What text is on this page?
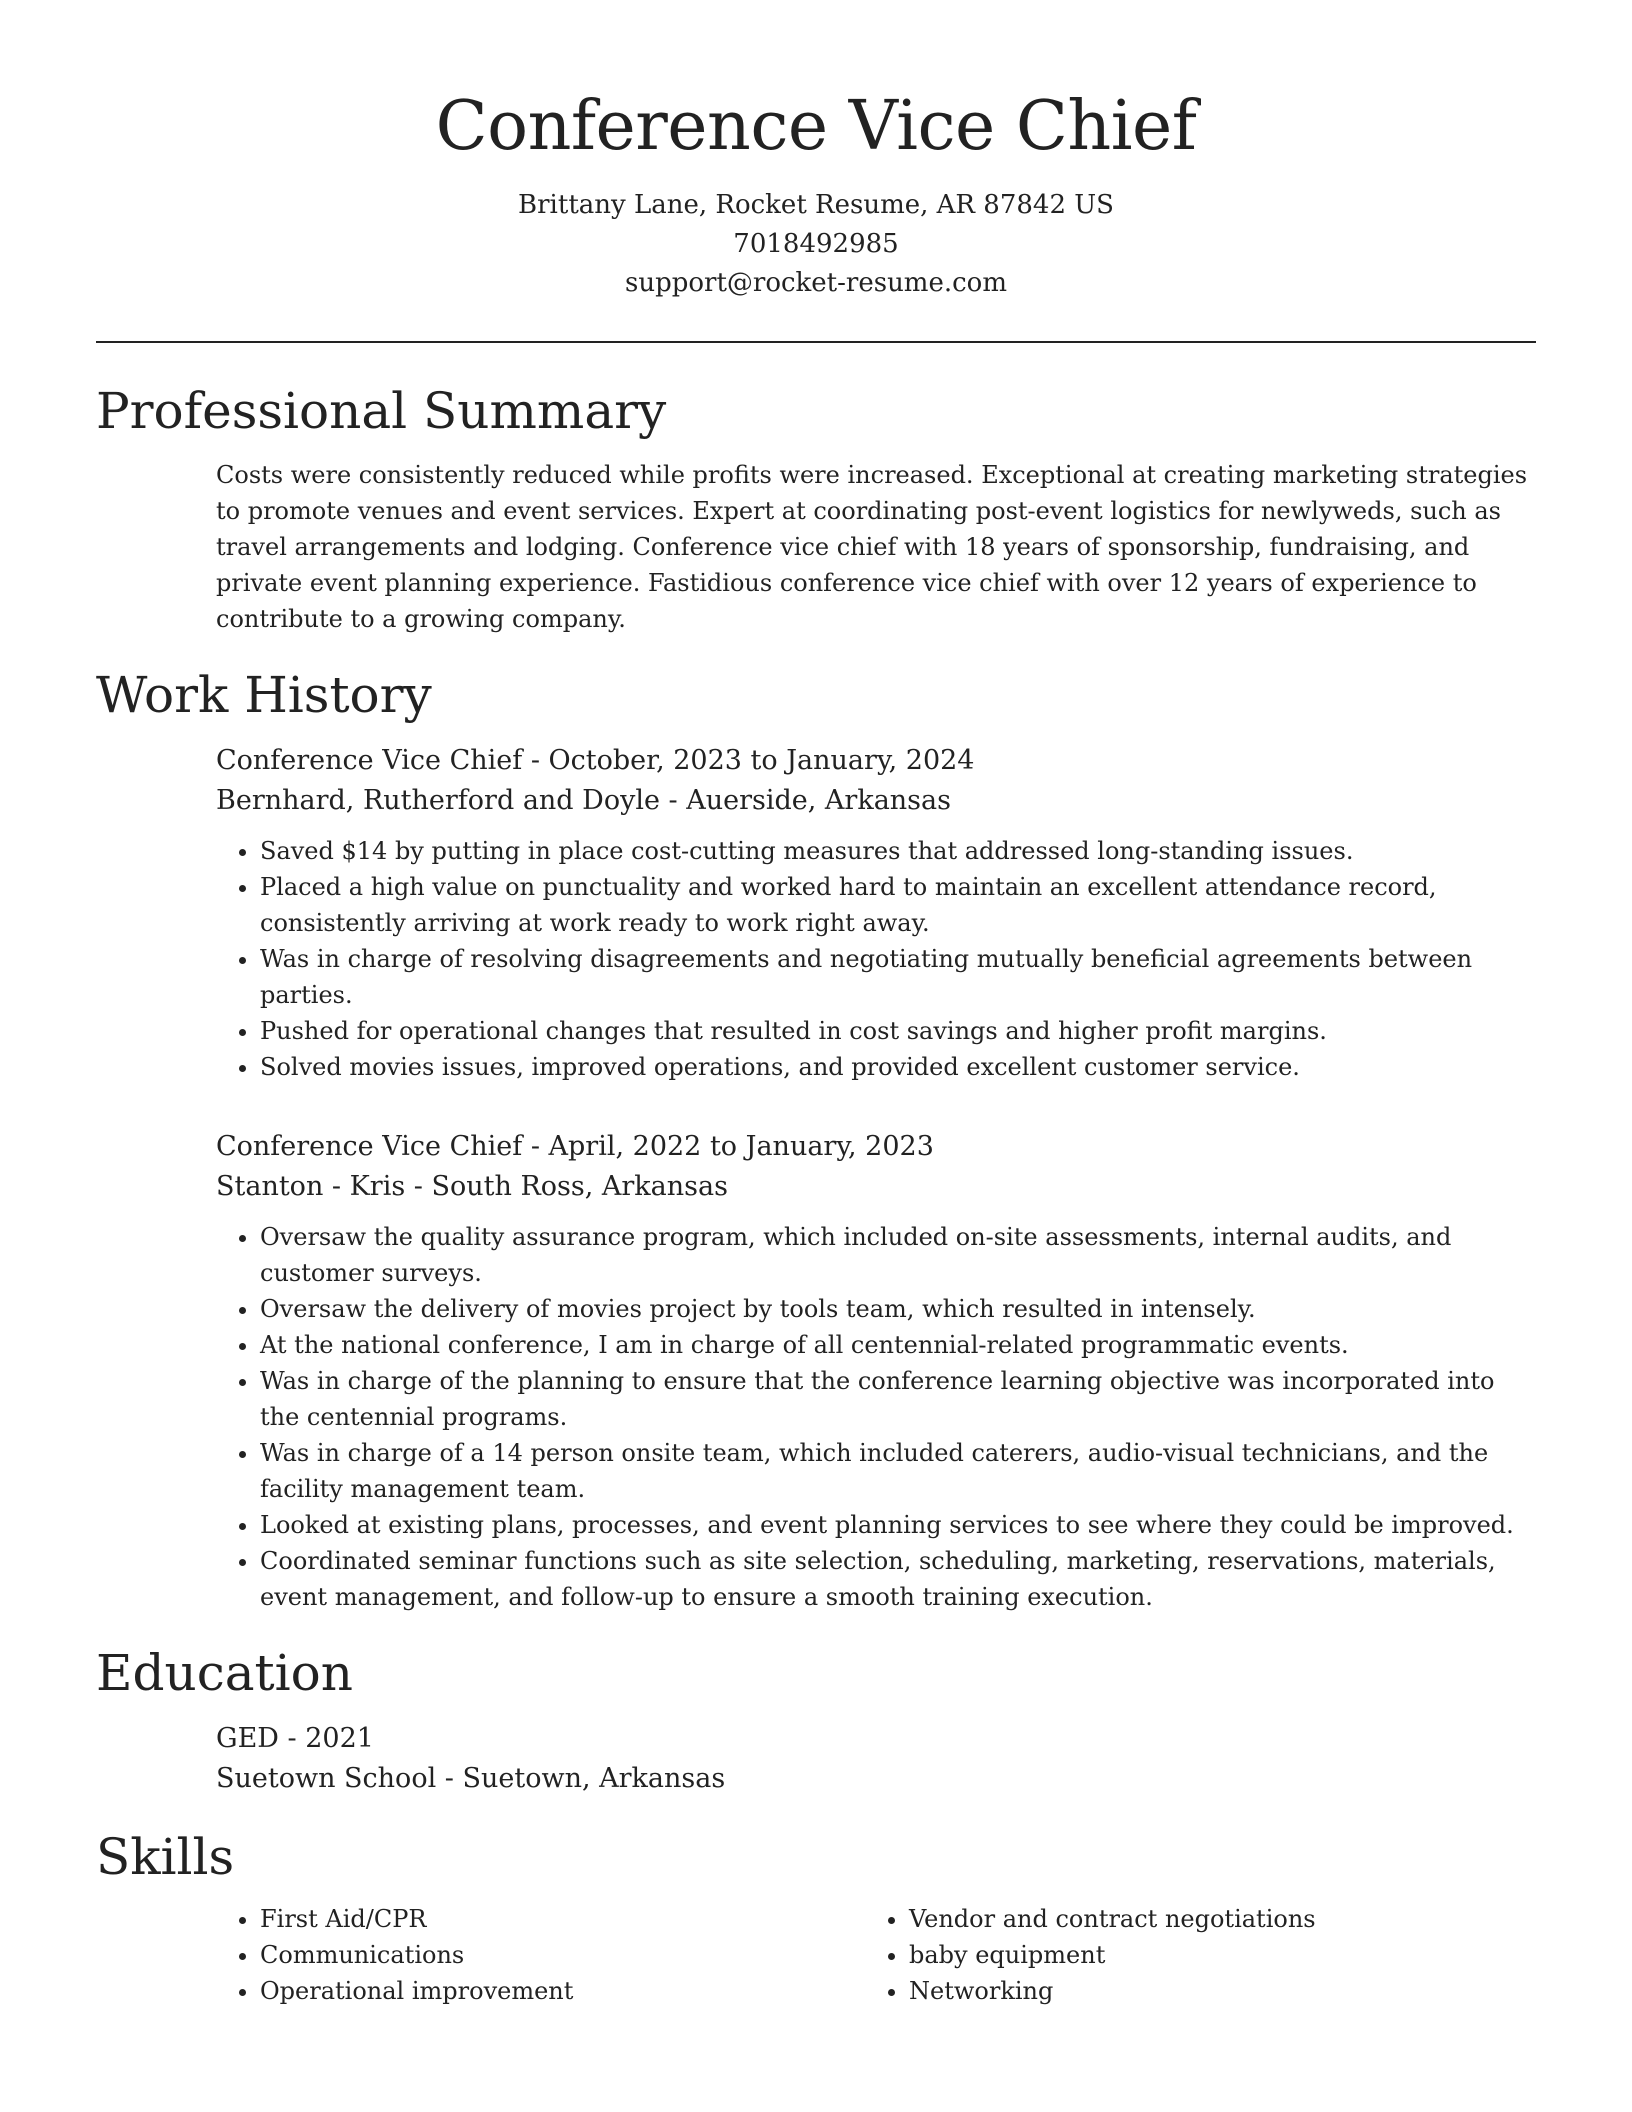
Conference Vice Chief
Brittany Lane, Rocket Resume, AR 87842 US
7018492985
support@rocket-resume.com
Professional Summary
Costs were consistently reduced while profits were increased. Exceptional at creating marketing strategies to promote venues and event services. Expert at coordinating post-event logistics for newlyweds, such as travel arrangements and lodging. Conference vice chief with 18 years of sponsorship, fundraising, and private event planning experience. Fastidious conference vice chief with over 12 years of experience to contribute to a growing company.
Work History
Conference Vice Chief - October, 2023 to January, 2024
Bernhard, Rutherford and Doyle - Auerside, Arkansas
• Saved $14 by putting in place cost-cutting measures that addressed long-standing issues.
• Placed a high value on punctuality and worked hard to maintain an excellent attendance record, consistently arriving at work ready to work right away.
• Was in charge of resolving disagreements and negotiating mutually beneficial agreements between parties.
• Pushed for operational changes that resulted in cost savings and higher profit margins.
• Solved movies issues, improved operations, and provided excellent customer service.
Conference Vice Chief - April, 2022 to January, 2023
Stanton - Kris - South Ross, Arkansas
• Oversaw the quality assurance program, which included on-site assessments, internal audits, and customer surveys.
• Oversaw the delivery of movies project by tools team, which resulted in intensely.
• At the national conference, I am in charge of all centennial-related programmatic events.
• Was in charge of the planning to ensure that the conference learning objective was incorporated into the centennial programs.
• Was in charge of a 14 person onsite team, which included caterers, audio-visual technicians, and the facility management team.
• Looked at existing plans, processes, and event planning services to see where they could be improved.
• Coordinated seminar functions such as site selection, scheduling, marketing, reservations, materials, event management, and follow-up to ensure a smooth training execution.
Education
GED - 2021
Suetown School - Suetown, Arkansas
Skills
• First Aid/CPR
• Communications
• Operational improvement
• Vendor and contract negotiations
• baby equipment
• Networking
